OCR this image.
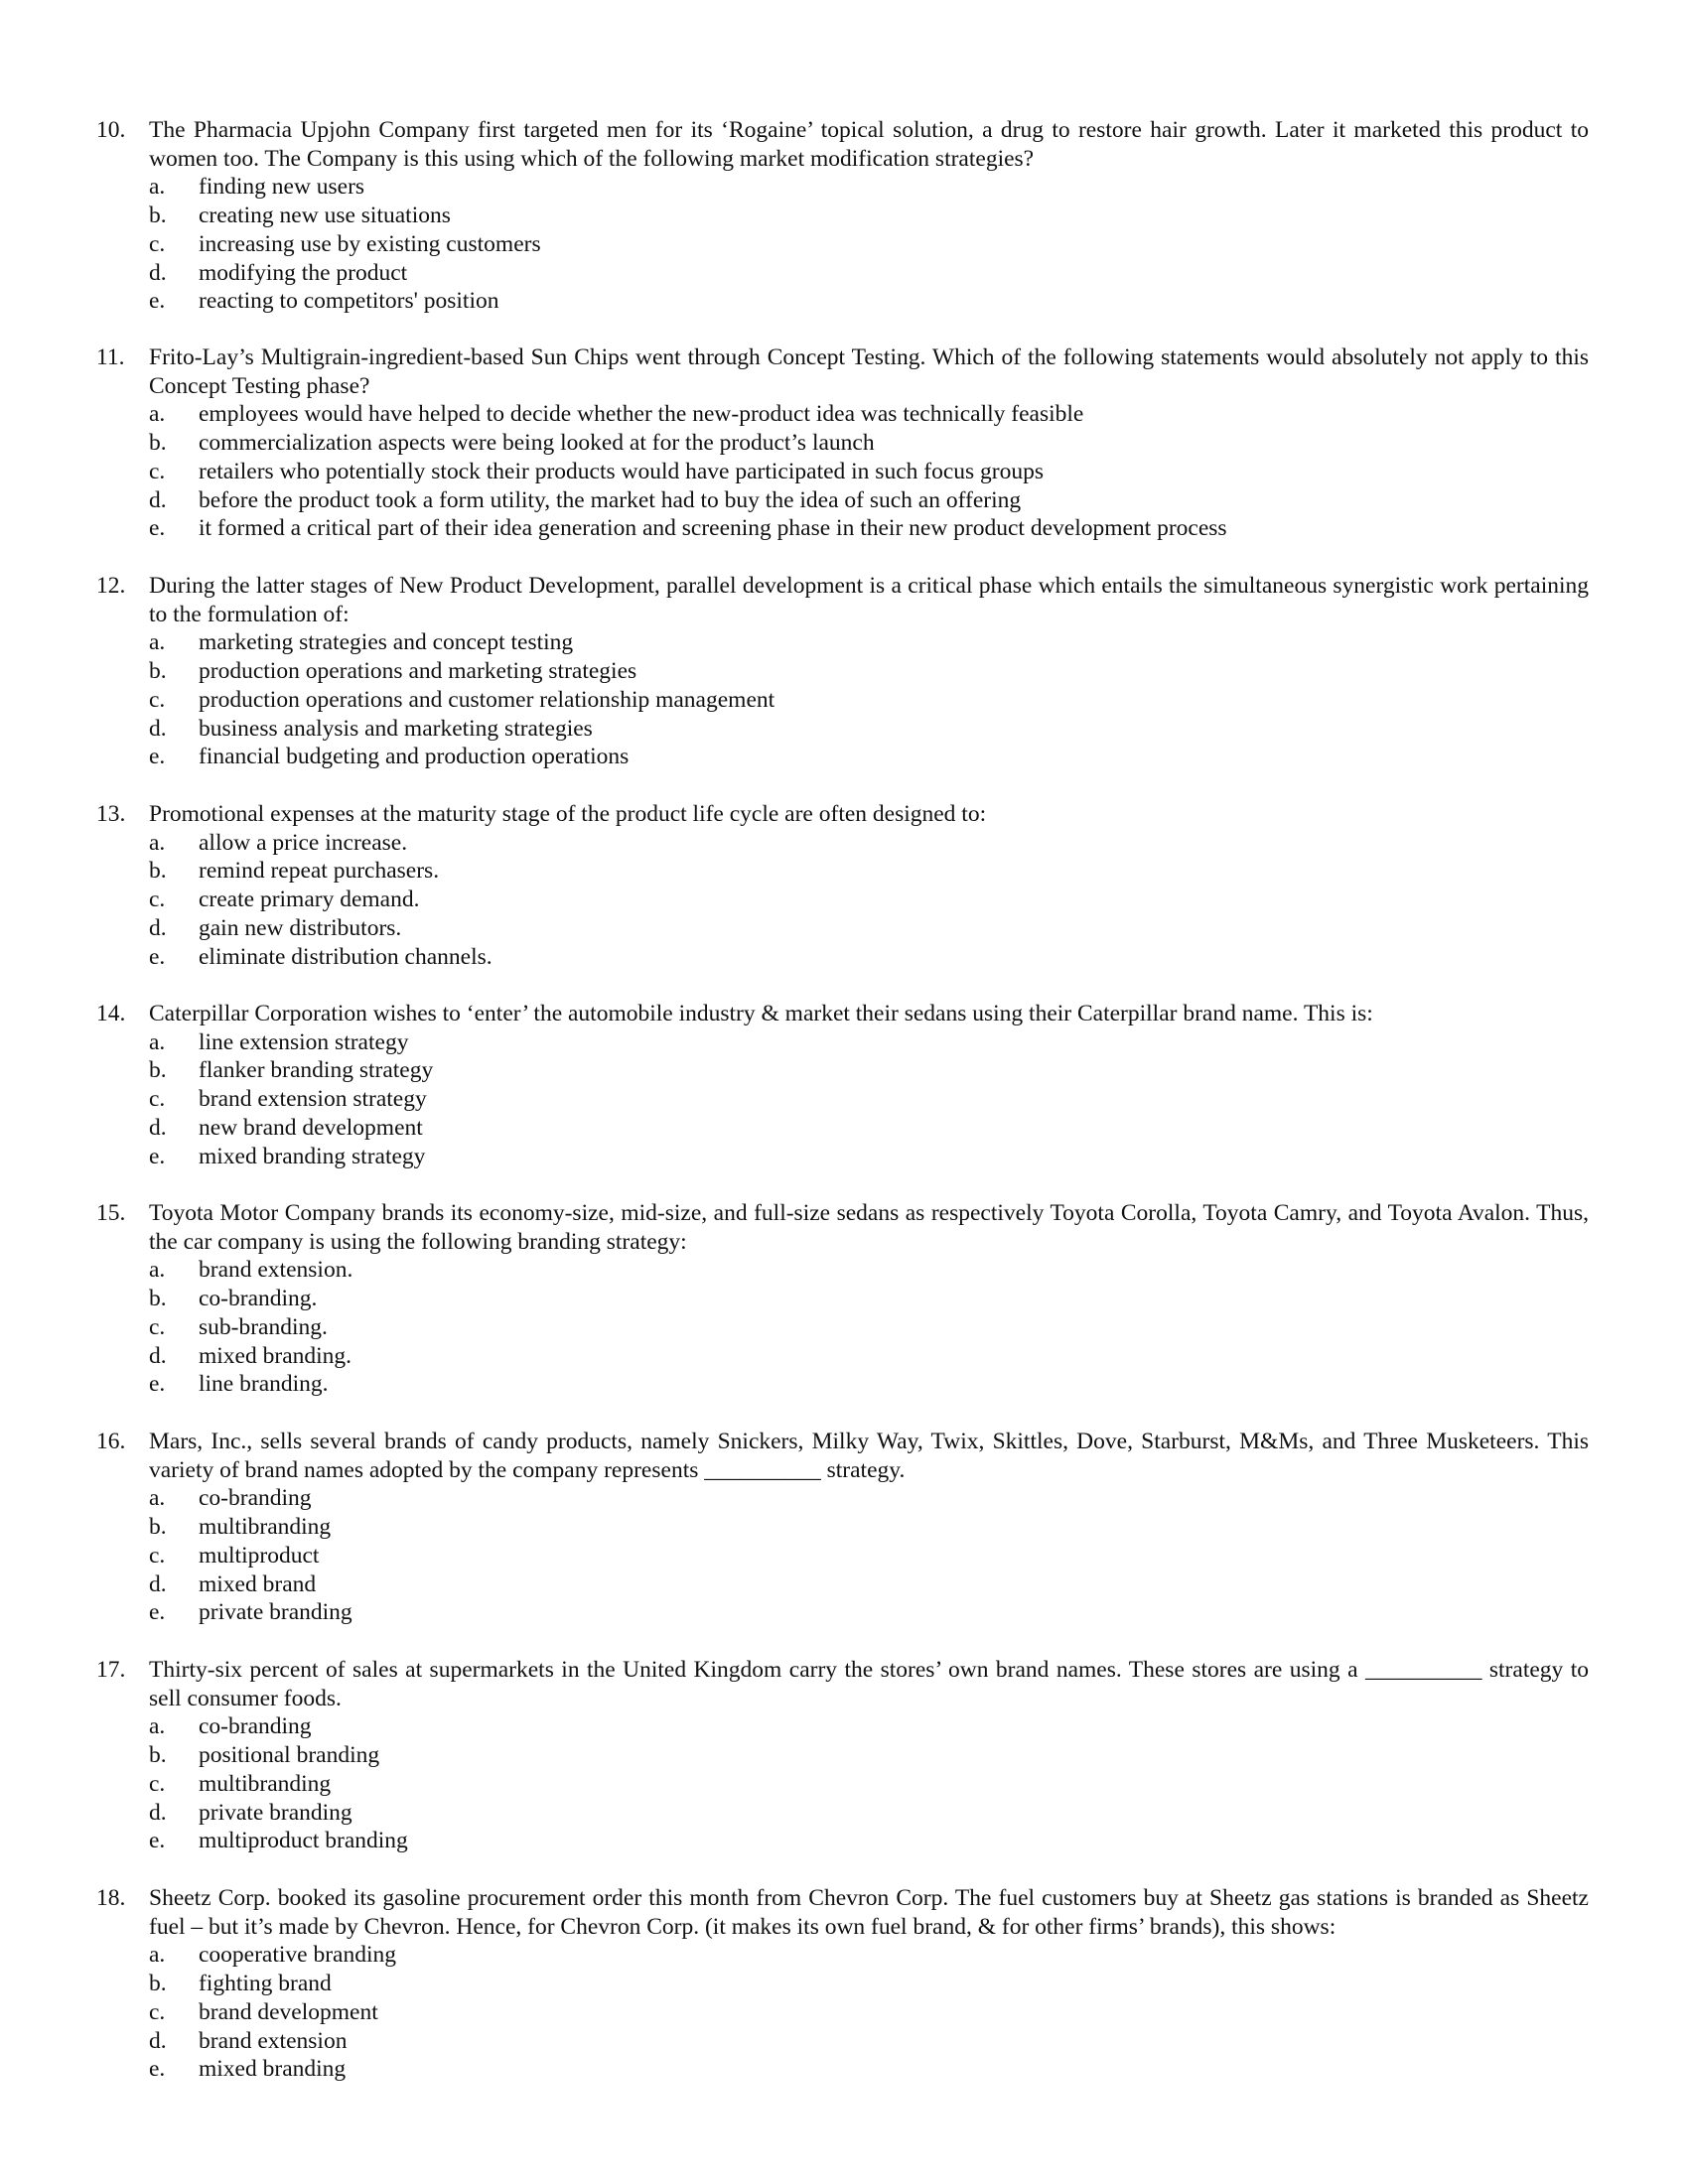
10.	The Pharmacia Upjohn Company first targeted men for its ‘Rogaine’ topical solution, a drug to restore hair growth. Later it marketed this product to women too. The Company is this using which of the following market modification strategies?
a.	finding new users
b.	creating new use situations
c.	increasing use by existing customers
d.	modifying the product
e.	reacting to competitors' position
11.	Frito-Lay’s Multigrain-ingredient-based Sun Chips went through Concept Testing. Which of the following statements would absolutely not apply to this Concept Testing phase?
a.	employees would have helped to decide whether the new-product idea was technically feasible
b.	commercialization aspects were being looked at for the product’s launch
c.	retailers who potentially stock their products would have participated in such focus groups
d.	before the product took a form utility, the market had to buy the idea of such an offering
e.	it formed a critical part of their idea generation and screening phase in their new product development process
12.	During the latter stages of New Product Development, parallel development is a critical phase which entails the simultaneous synergistic work pertaining to the formulation of:
a.	marketing strategies and concept testing
b.	production operations and marketing strategies
c.	production operations and customer relationship management
d.	business analysis and marketing strategies
e.	financial budgeting and production operations
13.	Promotional expenses at the maturity stage of the product life cycle are often designed to:
a.	allow a price increase.
b.	remind repeat purchasers.
c.	create primary demand.
d.	gain new distributors.
e.	eliminate distribution channels.
14.	Caterpillar Corporation wishes to ‘enter’ the automobile industry & market their sedans using their Caterpillar brand name. This is:
a.	line extension strategy
b.	flanker branding strategy
c.	brand extension strategy
d.	new brand development
e.	mixed branding strategy
15.	Toyota Motor Company brands its economy-size, mid-size, and full-size sedans as respectively Toyota Corolla, Toyota Camry, and Toyota Avalon. Thus, the car company is using the following branding strategy:
a.	brand extension.
b.	co-branding.
c.	sub-branding.
d.	mixed branding.
e.	line branding.
16.	Mars, Inc., sells several brands of candy products, namely Snickers, Milky Way, Twix, Skittles, Dove, Starburst, M&Ms, and Three Musketeers. This variety of brand names adopted by the company represents __________ strategy.
a.	co-branding
b.	multibranding
c.	multiproduct
d.	mixed brand
e.	private branding
17.	Thirty-six percent of sales at supermarkets in the United Kingdom carry the stores’ own brand names. These stores are using a __________ strategy to sell consumer foods.
a.	co-branding
b.	positional branding
c.	multibranding
d.	private branding
e.	multiproduct branding
18.	Sheetz Corp. booked its gasoline procurement order this month from Chevron Corp. The fuel customers buy at Sheetz gas stations is branded as Sheetz fuel – but it’s made by Chevron. Hence, for Chevron Corp. (it makes its own fuel brand, & for other firms’ brands), this shows:
a.	cooperative branding
b.	fighting brand
c.	brand development
d.	brand extension
e.	mixed branding
